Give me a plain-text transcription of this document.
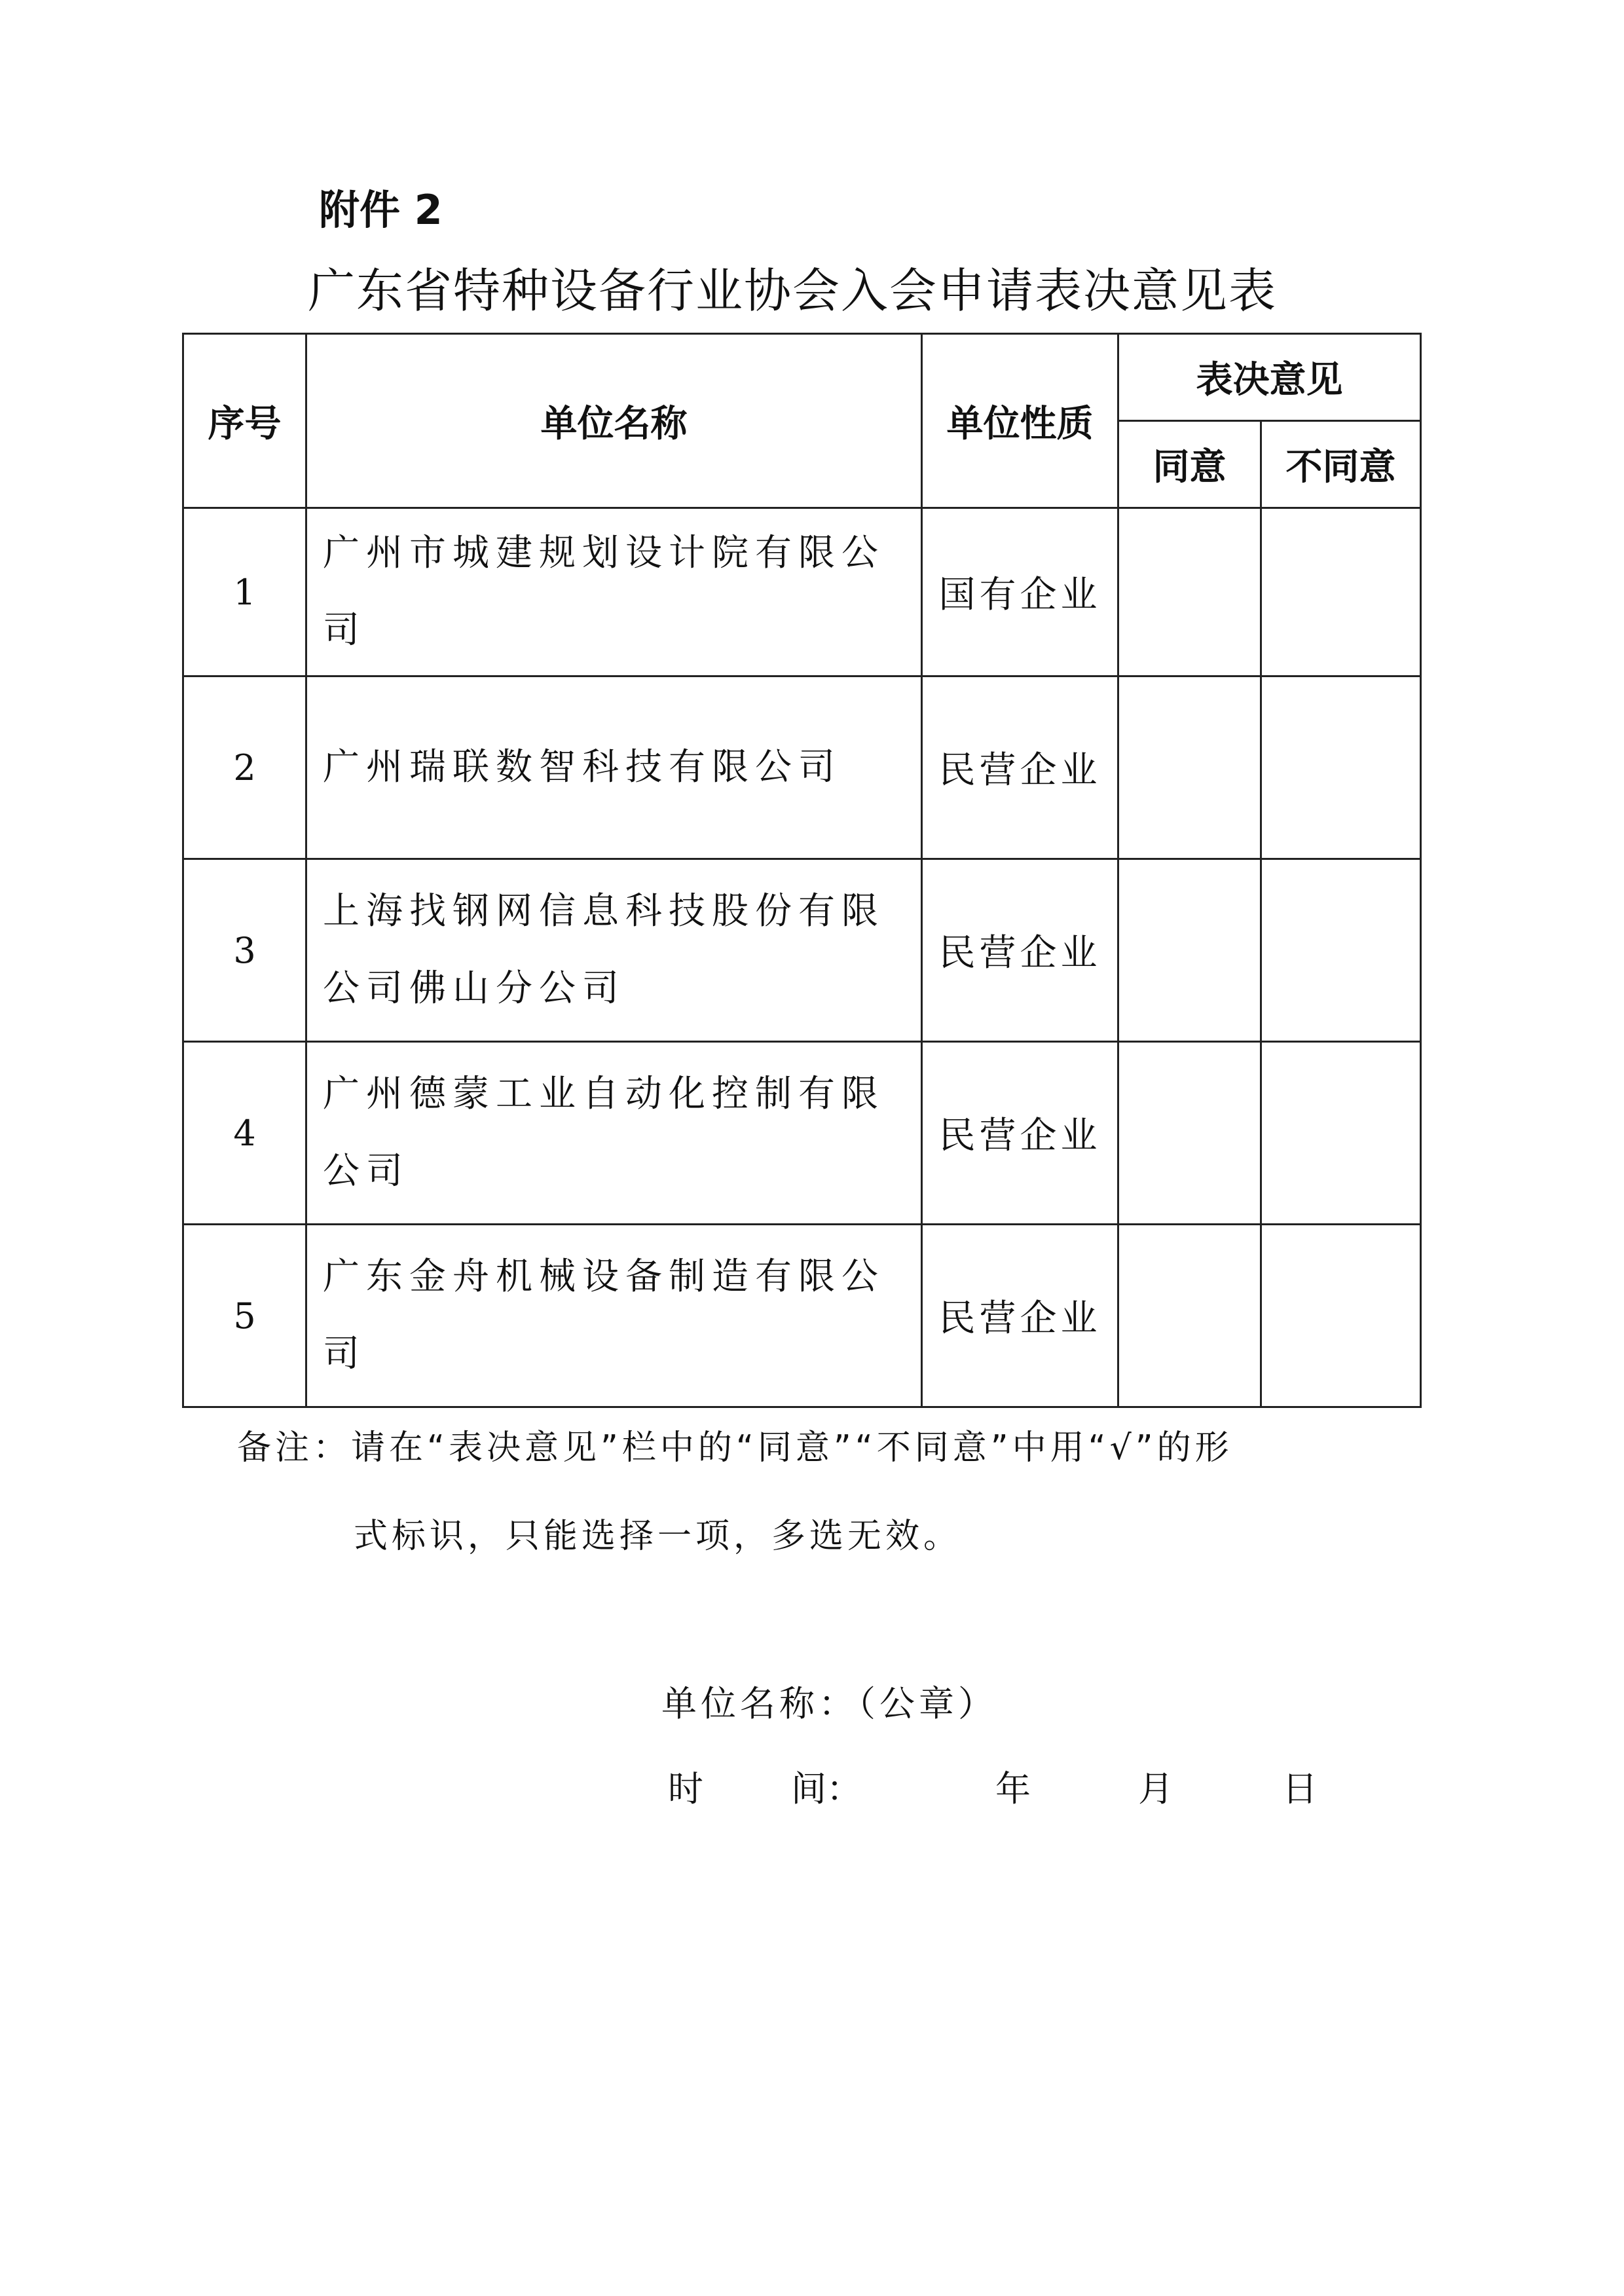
附件 2
广东省特种设备行业协会入会申请表决意见表
序号	单位名称	单位性质	表决意见	
			同意	不同意
1	广州市城建规划设计院有限公司	国有企业		
2	广州瑞联数智科技有限公司	民营企业		
3	上海找钢网信息科技股份有限公司佛山分公司	民营企业		
4	广州德蒙工业自动化控制有限公司	民营企业		
5	广东金舟机械设备制造有限公司	民营企业		
备注：请在“表决意见”栏中的“同意”“不同意”中用“√”的形
式标识，只能选择一项，多选无效。
单位名称：（公章）
时 间：	年	月	日
